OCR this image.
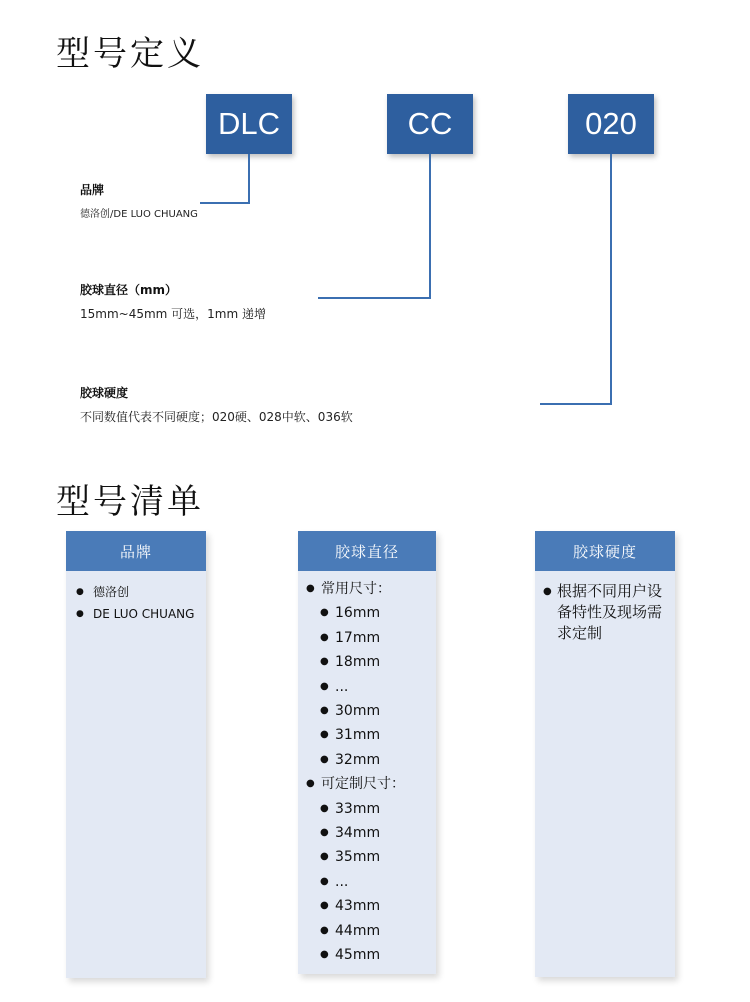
型号定义
DLC	CC	020

品牌

德洛创/DE LUO CHUANG

胶球直径（mm）

15mm~45mm 可选，1mm 递增

胶球硬度

不同数值代表不同硬度；020硬、028中软、036软

型号清单
品牌
● 德洛创
● DE LUO CHUANG
胶球直径
● 常用尺寸：
● 16mm
● 17mm
● 18mm
● ...
● 30mm
● 31mm
● 32mm
● 可定制尺寸：
● 33mm
● 34mm
● 35mm
● ...
● 43mm
● 44mm
● 45mm
胶球硬度
● 根据不同用户设备特性及现场需求定制
